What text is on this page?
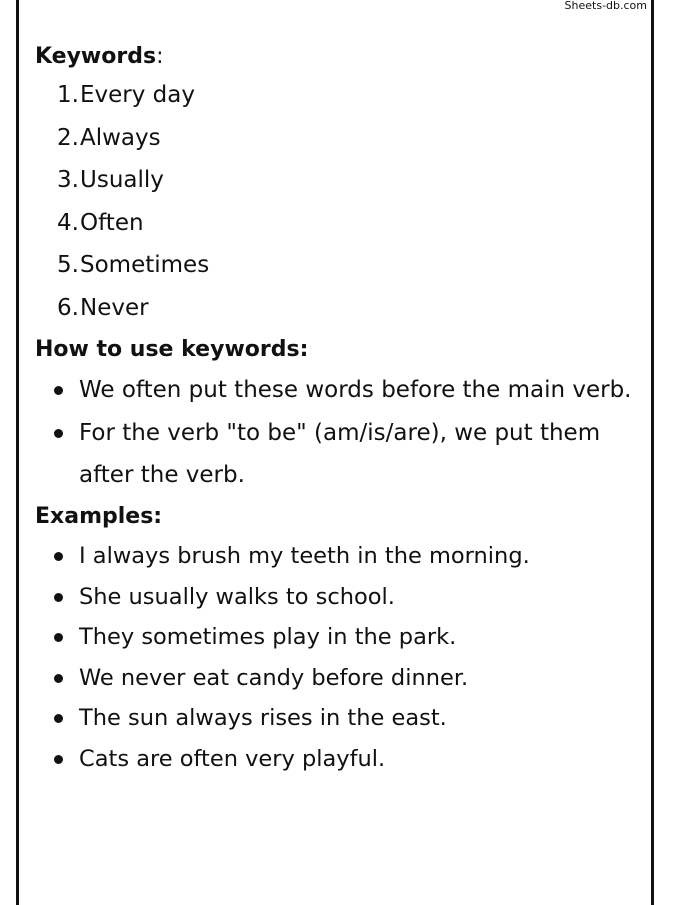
Sheets-db.com

Keywords:

1. Every day
2. Always
3. Usually
4. Often
5. Sometimes
6. Never

How to use keywords:

We often put these words before the main verb.
For the verb "to be" (am/is/are), we put them after the verb.

Examples:

I always brush my teeth in the morning.
She usually walks to school.
They sometimes play in the park.
We never eat candy before dinner.
The sun always rises in the east.
Cats are often very playful.
